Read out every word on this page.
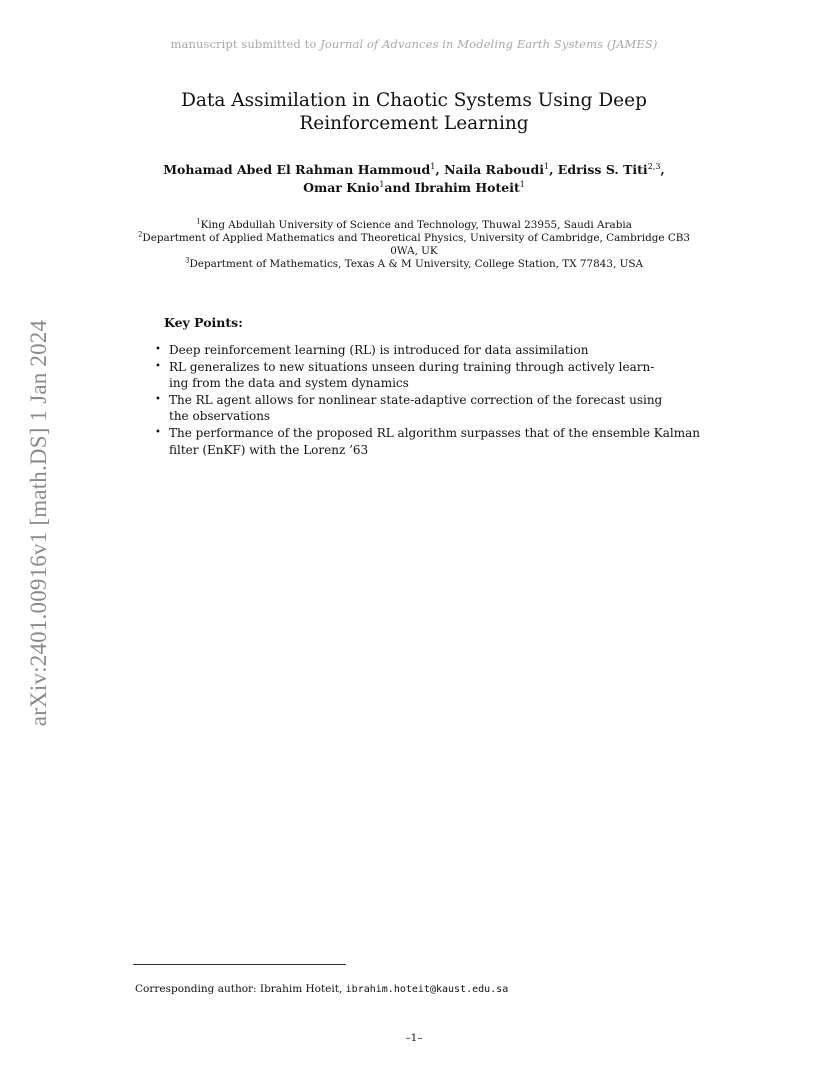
manuscript submitted to Journal of Advances in Modeling Earth Systems (JAMES)
Data Assimilation in Chaotic Systems Using Deep
Reinforcement Learning
Mohamad Abed El Rahman Hammoud$^1$, Naila Raboudi$^1$, Edriss S. Titi$^{2,3}$,
Omar Knio$^1$and Ibrahim Hoteit$^1$
$^1$King Abdullah University of Science and Technology, Thuwal 23955, Saudi Arabia
$^2$Department of Applied Mathematics and Theoretical Physics, University of Cambridge, Cambridge CB3
0WA, UK
$^3$Department of Mathematics, Texas A & M University, College Station, TX 77843, USA
arXiv:2401.00916v1 [math.DS] 1 Jan 2024	Key Points:
• Deep reinforcement learning (RL) is introduced for data assimilation
• RL generalizes to new situations unseen during training through actively learn-
ing from the data and system dynamics
• The RL agent allows for nonlinear state-adaptive correction of the forecast using
the observations
• The performance of the proposed RL algorithm surpasses that of the ensemble Kalman
filter (EnKF) with the Lorenz ’63
Corresponding author: Ibrahim Hoteit, ibrahim.hoteit@kaust.edu.sa
–1–
